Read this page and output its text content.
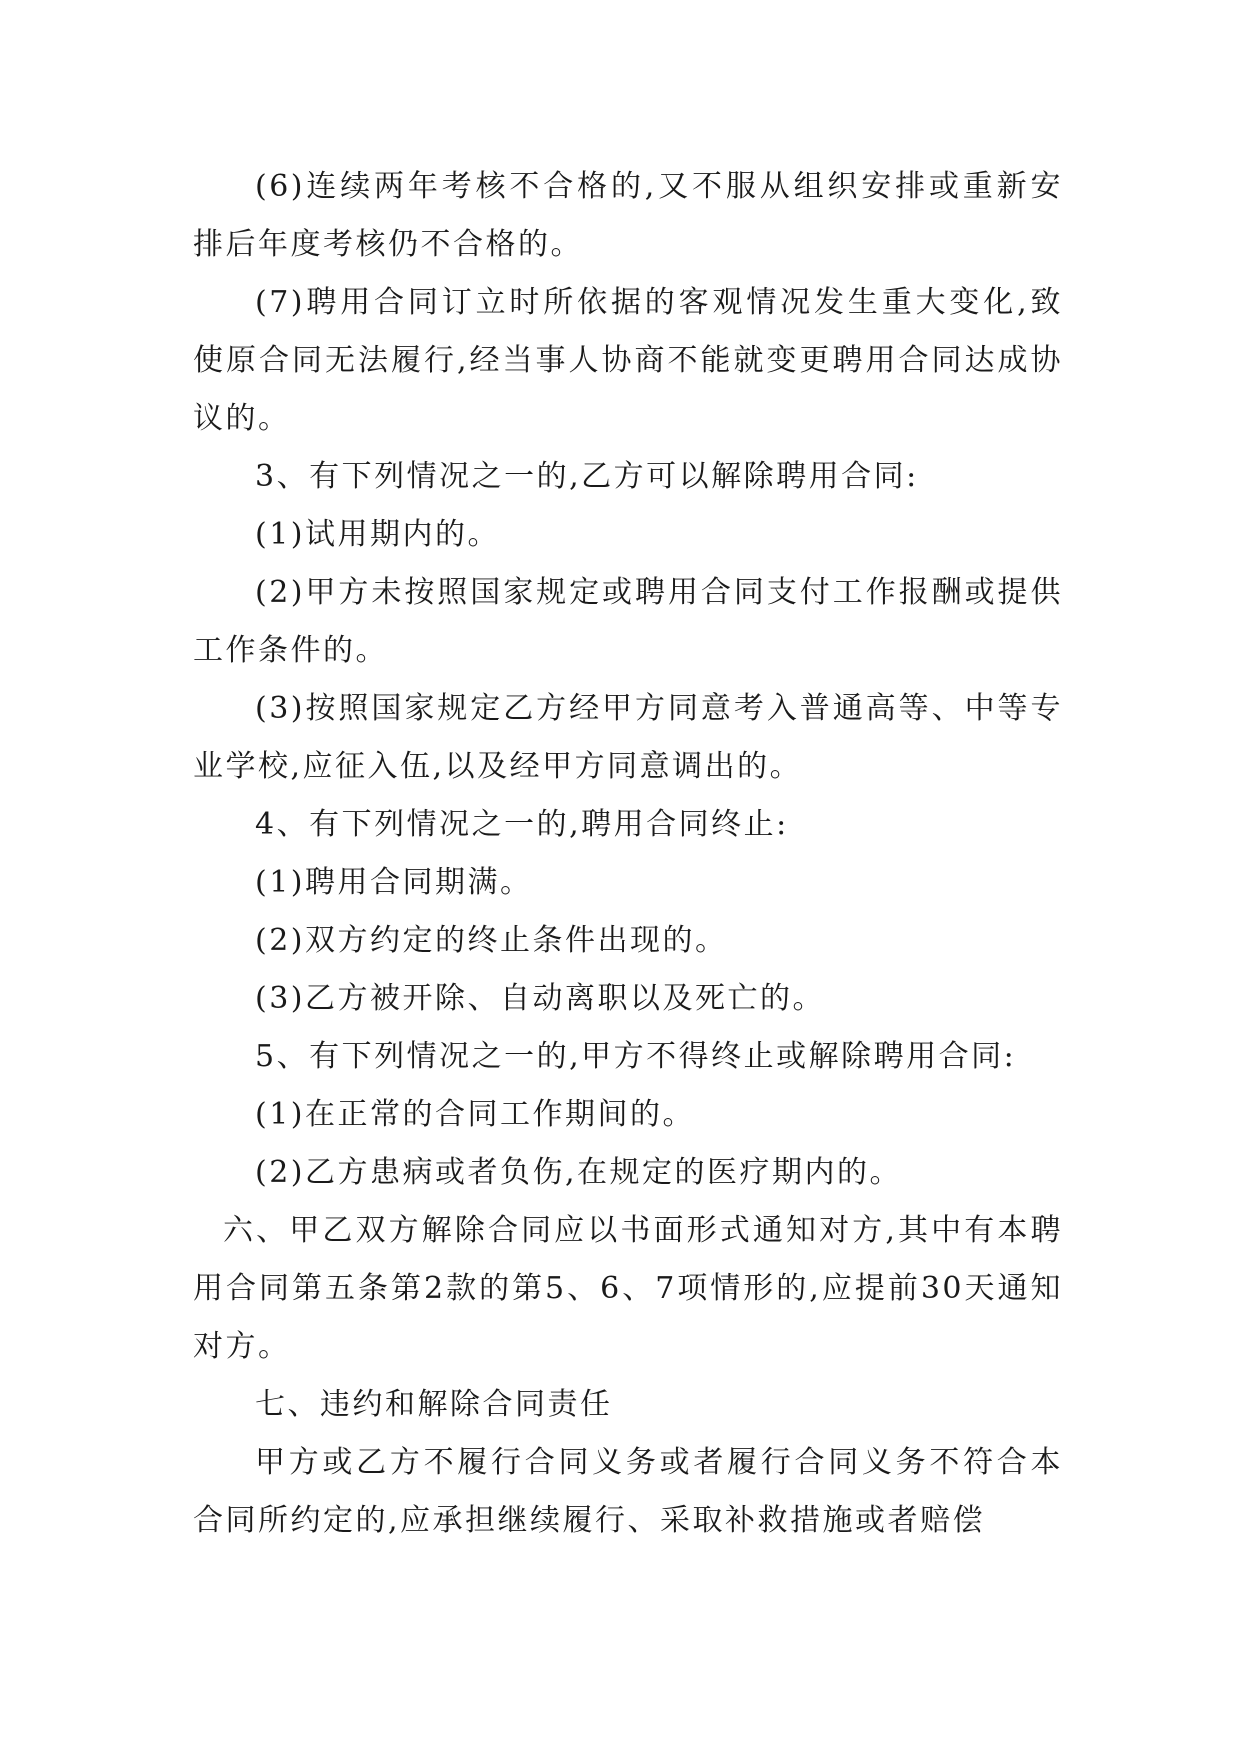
(6)连续两年考核不合格的,又不服从组织安排或重新安排后年度考核仍不合格的。

(7)聘用合同订立时所依据的客观情况发生重大变化,致使原合同无法履行,经当事人协商不能就变更聘用合同达成协议的。

3、有下列情况之一的,乙方可以解除聘用合同:

(1)试用期内的。

(2)甲方未按照国家规定或聘用合同支付工作报酬或提供工作条件的。

(3)按照国家规定乙方经甲方同意考入普通高等、中等专业学校,应征入伍,以及经甲方同意调出的。

4、有下列情况之一的,聘用合同终止:

(1)聘用合同期满。

(2)双方约定的终止条件出现的。

(3)乙方被开除、自动离职以及死亡的。

5、有下列情况之一的,甲方不得终止或解除聘用合同:

(1)在正常的合同工作期间的。

(2)乙方患病或者负伤,在规定的医疗期内的。

六、甲乙双方解除合同应以书面形式通知对方,其中有本聘用合同第五条第2款的第5、6、7项情形的,应提前30天通知对方。

七、违约和解除合同责任

甲方或乙方不履行合同义务或者履行合同义务不符合本合同所约定的,应承担继续履行、采取补救措施或者赔偿
